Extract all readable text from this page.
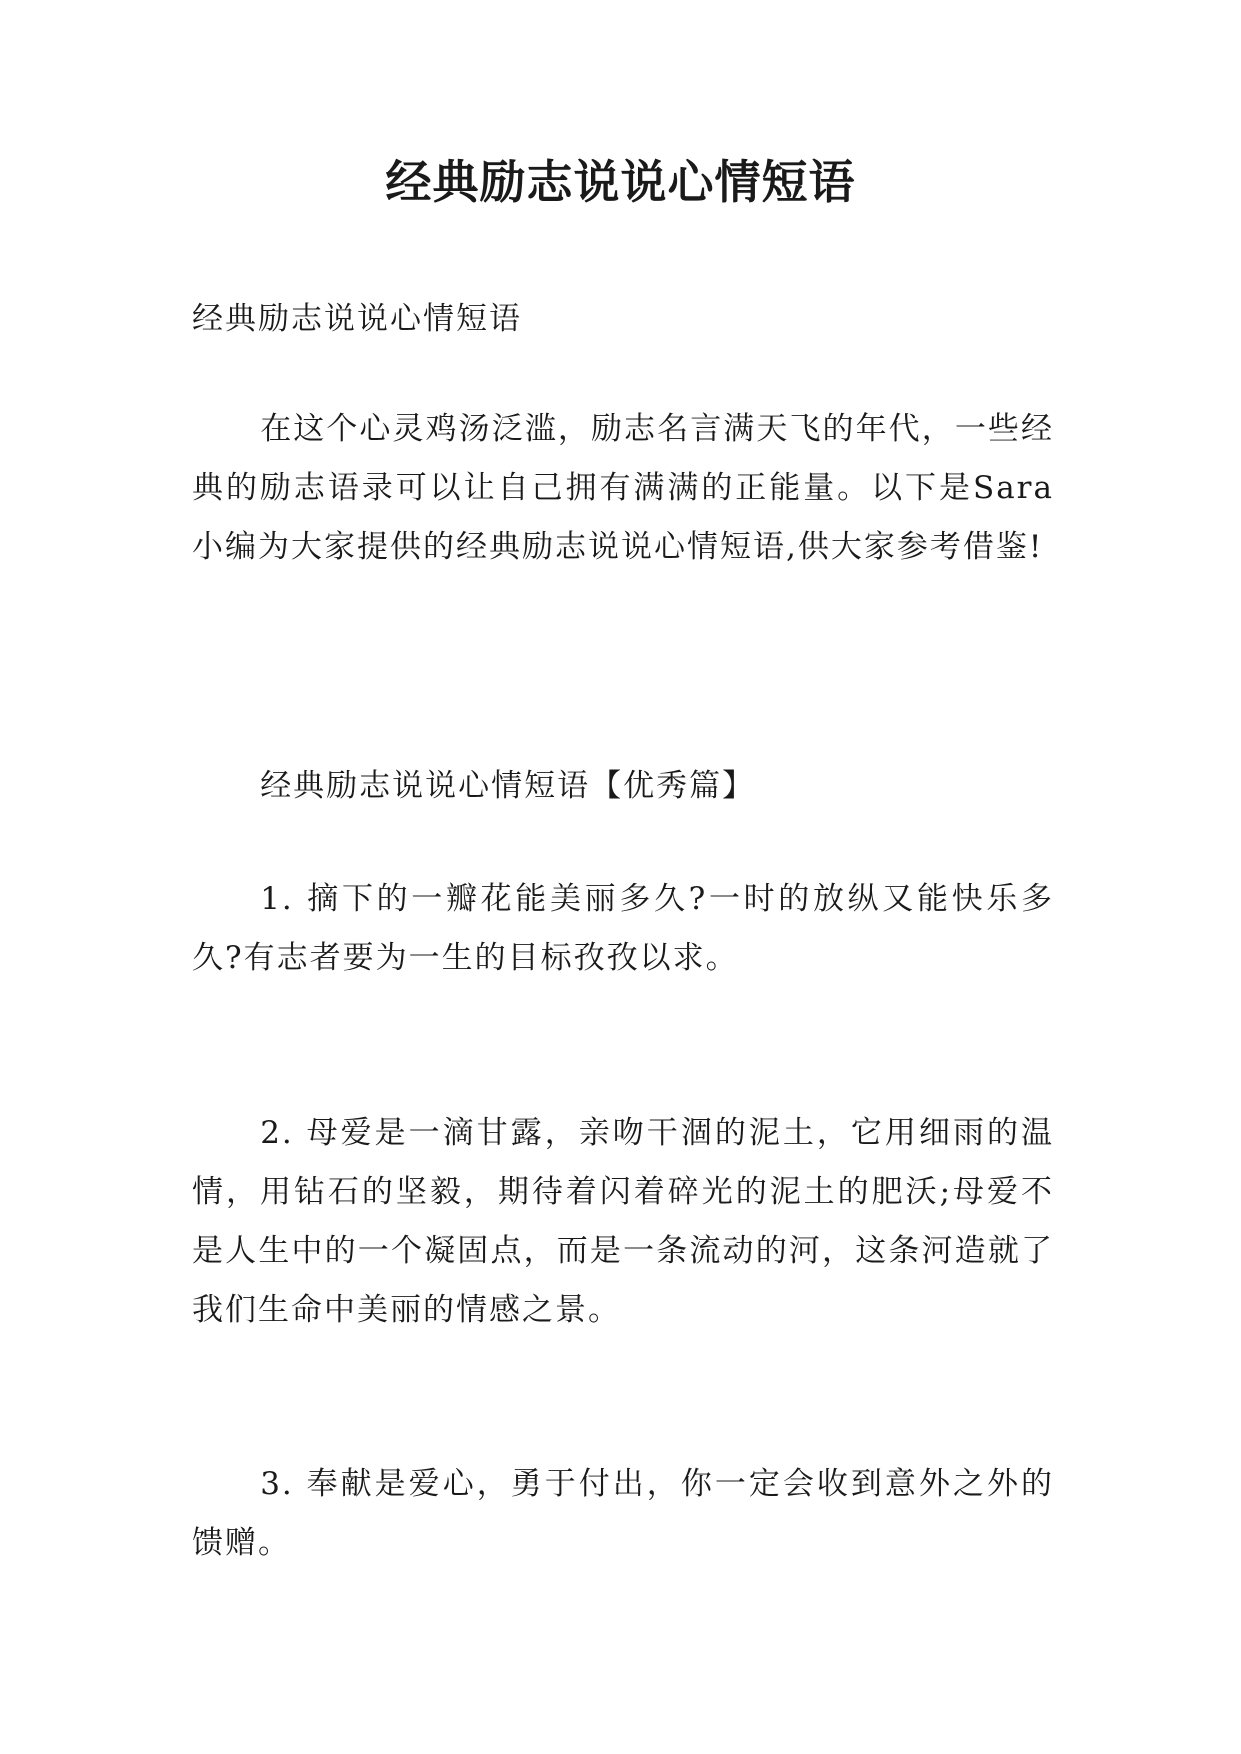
经典励志说说心情短语

经典励志说说心情短语

在这个心灵鸡汤泛滥，励志名言满天飞的年代，一些经典的励志语录可以让自己拥有满满的正能量。以下是Sara小编为大家提供的经典励志说说心情短语,供大家参考借鉴!

经典励志说说心情短语【优秀篇】

1. 摘下的一瓣花能美丽多久?一时的放纵又能快乐多久?有志者要为一生的目标孜孜以求。

2. 母爱是一滴甘露，亲吻干涸的泥土，它用细雨的温情，用钻石的坚毅，期待着闪着碎光的泥土的肥沃;母爱不是人生中的一个凝固点，而是一条流动的河，这条河造就了我们生命中美丽的情感之景。

3. 奉献是爱心，勇于付出，你一定会收到意外之外的馈赠。
